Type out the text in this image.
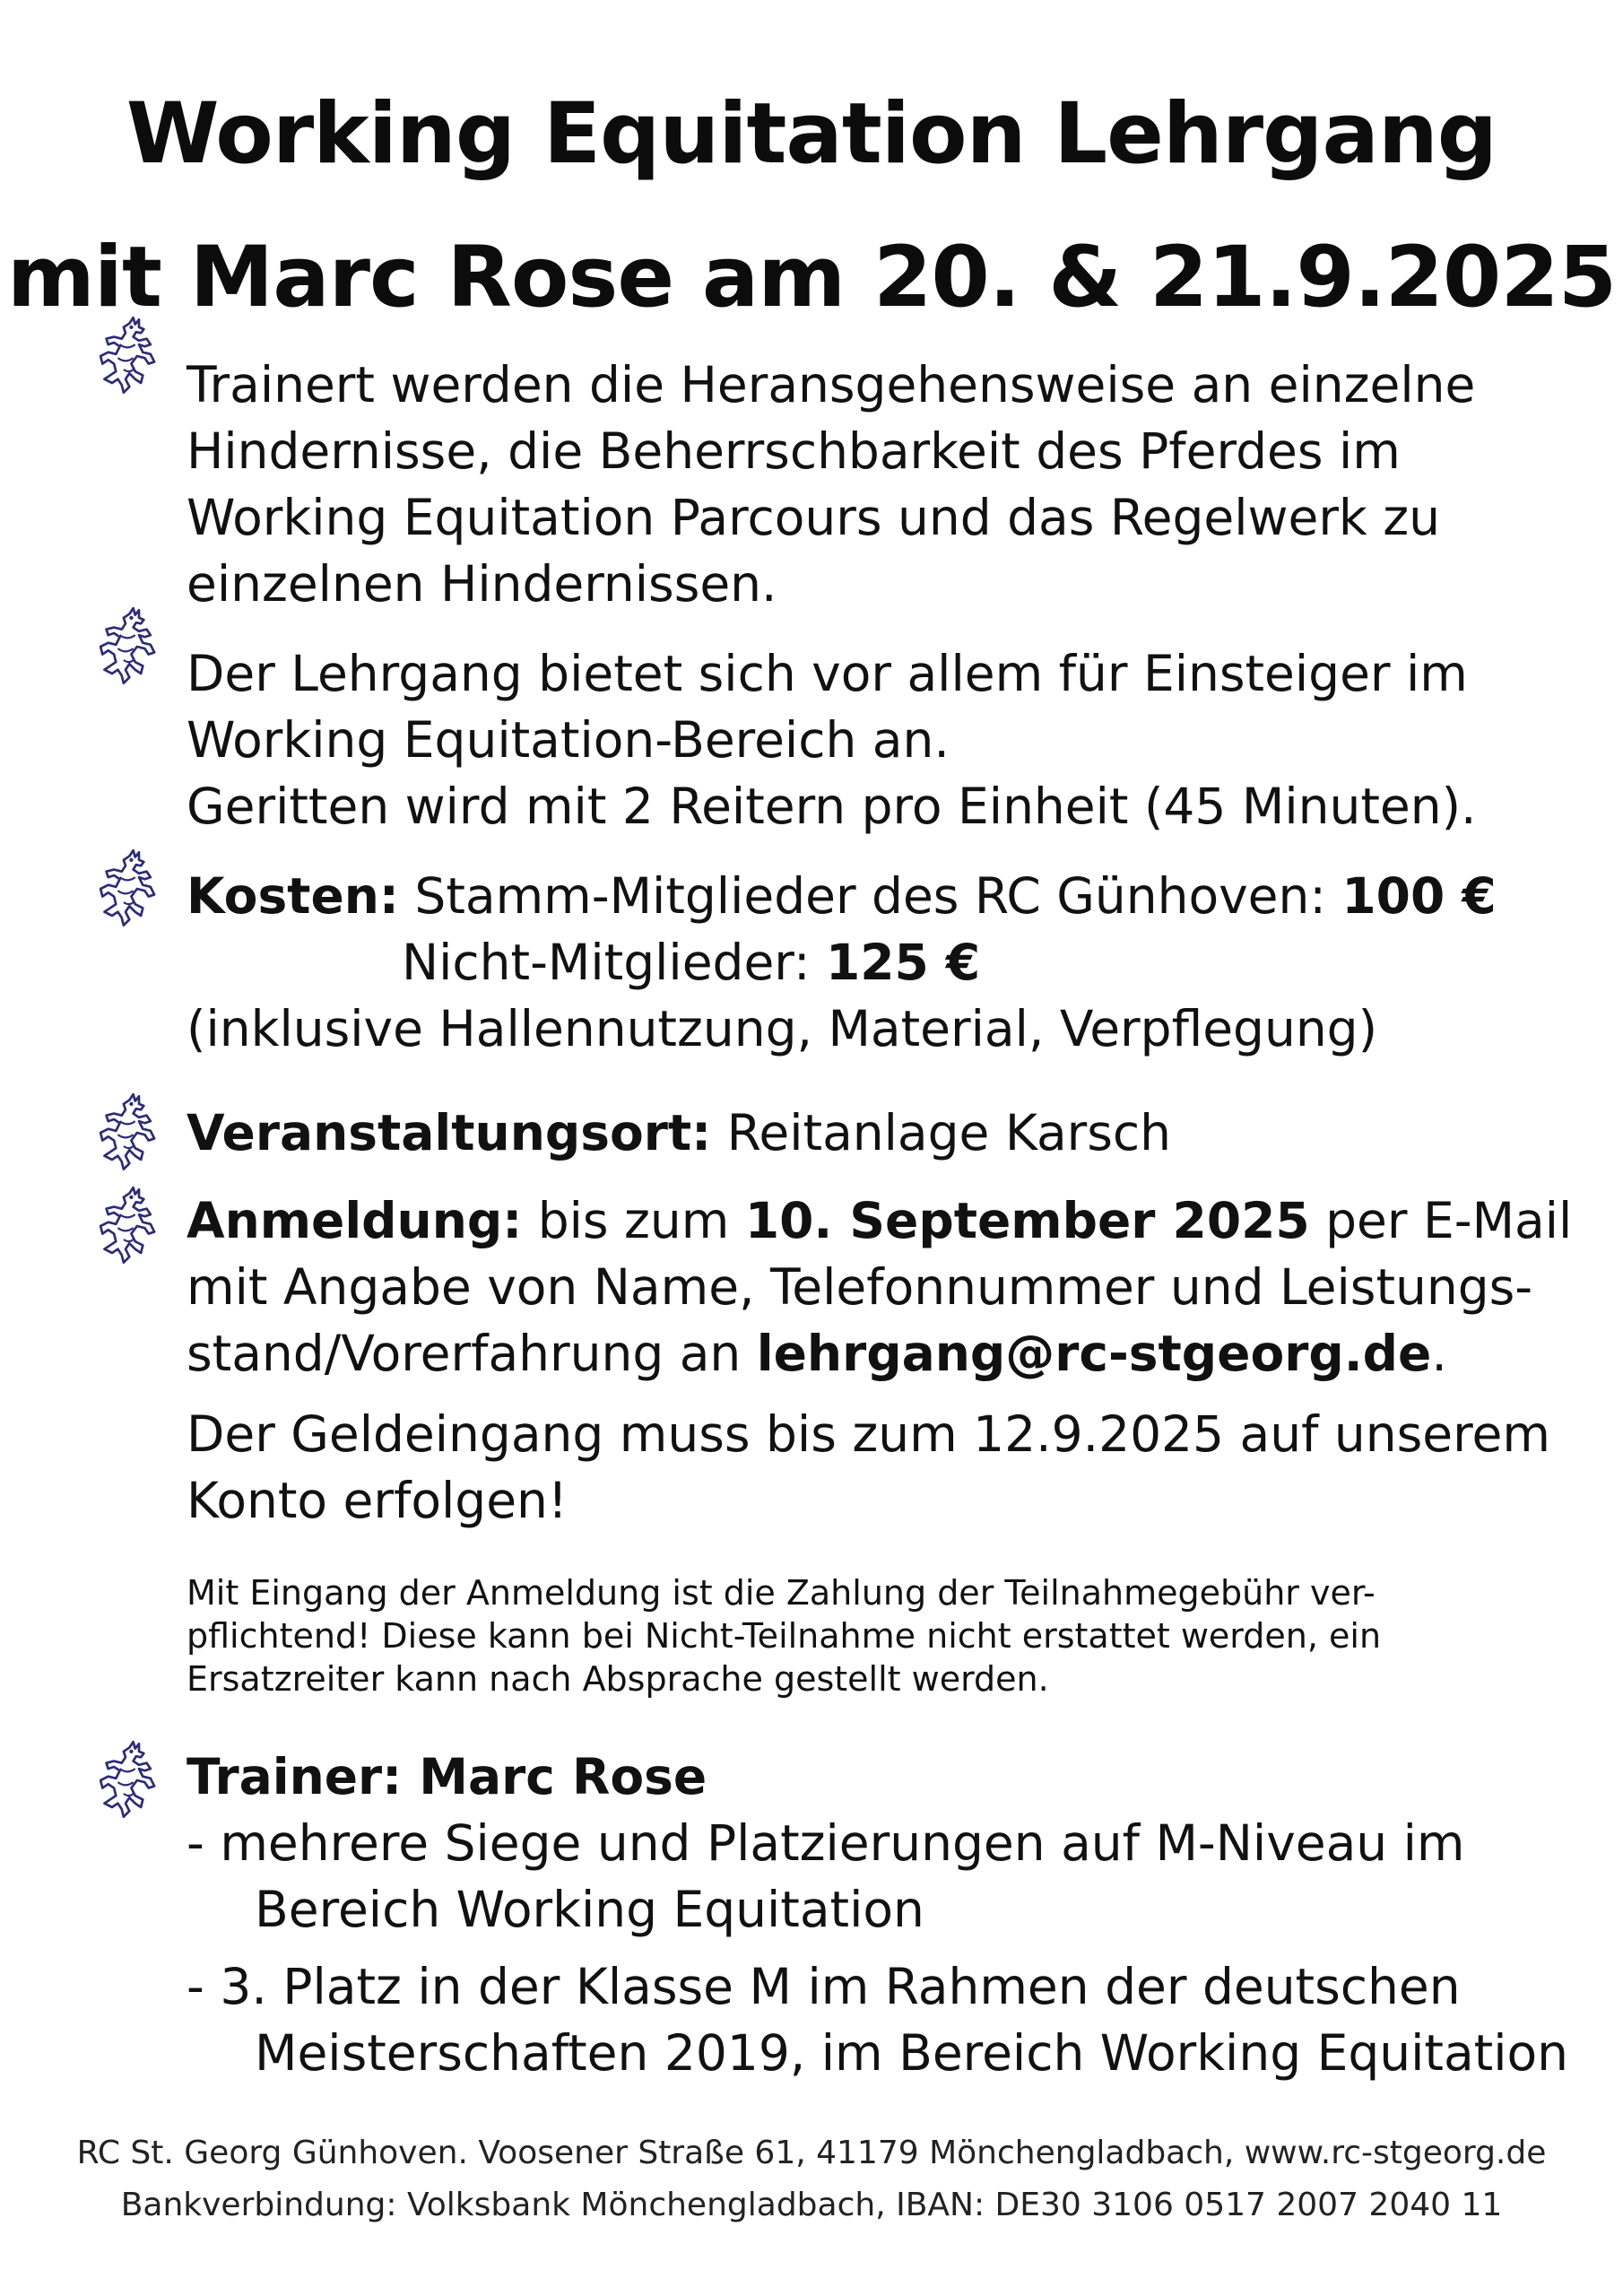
Working Equitation Lehrgang
mit Marc Rose am 20. & 21.9.2025
Trainert werden die Heransgehensweise an einzelne
Hindernisse, die Beherrschbarkeit des Pferdes im
Working Equitation Parcours und das Regelwerk zu
einzelnen Hindernissen.
Der Lehrgang bietet sich vor allem für Einsteiger im
Working Equitation-Bereich an.
Geritten wird mit 2 Reitern pro Einheit (45 Minuten).
Kosten: Stamm-Mitglieder des RC Günhoven: 100 €
Nicht-Mitglieder: 125 €
(inklusive Hallennutzung, Material, Verpflegung)
Veranstaltungsort: Reitanlage Karsch
Anmeldung: bis zum 10. September 2025 per E-Mail
mit Angabe von Name, Telefonnummer und Leistungs-
stand/Vorerfahrung an lehrgang@rc-stgeorg.de.
Der Geldeingang muss bis zum 12.9.2025 auf unserem
Konto erfolgen!
Mit Eingang der Anmeldung ist die Zahlung der Teilnahmegebühr ver-
pflichtend! Diese kann bei Nicht-Teilnahme nicht erstattet werden, ein
Ersatzreiter kann nach Absprache gestellt werden.
Trainer: Marc Rose
- mehrere Siege und Platzierungen auf M-Niveau im
Bereich Working Equitation
- 3. Platz in der Klasse M im Rahmen der deutschen
Meisterschaften 2019, im Bereich Working Equitation
RC St. Georg Günhoven. Voosener Straße 61, 41179 Mönchengladbach, www.rc-stgeorg.de
Bankverbindung: Volksbank Mönchengladbach, IBAN: DE30 3106 0517 2007 2040 11
